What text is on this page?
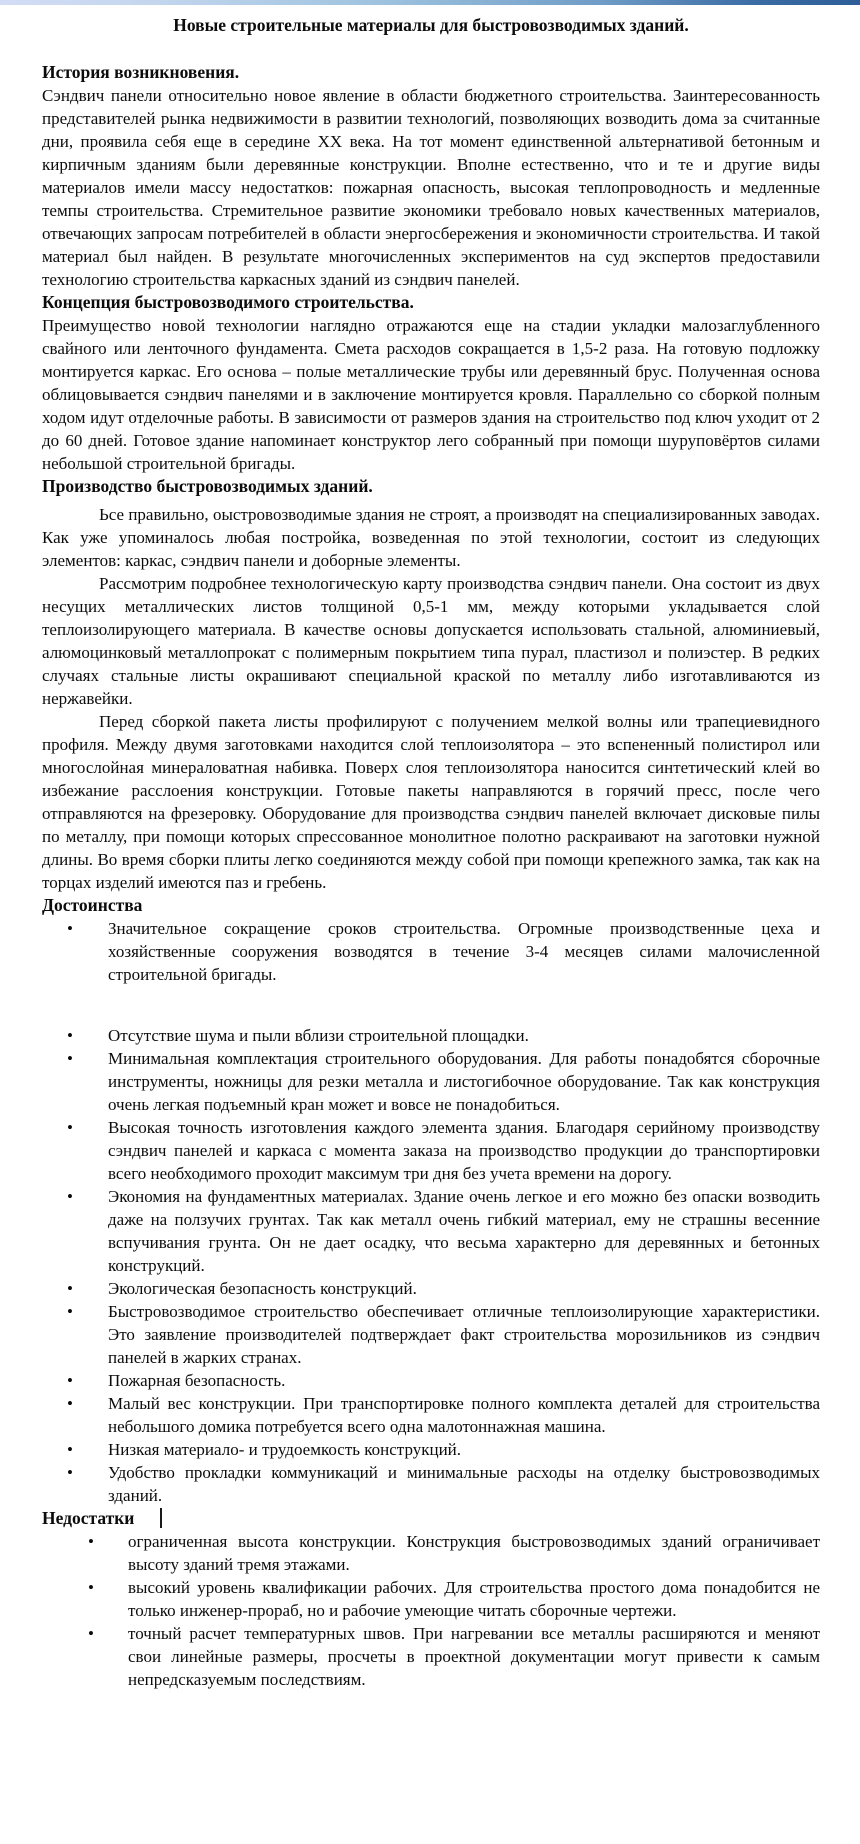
Новые строительные материалы для быстровозводимых зданий.

История возникновения.

Сэндвич панели относительно новое явление в области бюджетного строительства. Заинтересованность представителей рынка недвижимости в развитии технологий, позволяющих возводить дома за считанные дни, проявила себя еще в середине ХХ века. На тот момент единственной альтернативой бетонным и кирпичным зданиям были деревянные конструкции. Вполне естественно, что и те и другие виды материалов имели массу недостатков: пожарная опасность, высокая теплопроводность и медленные темпы строительства. Стремительное развитие экономики требовало новых качественных материалов, отвечающих запросам потребителей в области энергосбережения и экономичности строительства. И такой материал был найден. В результате многочисленных экспериментов на суд экспертов предоставили технологию строительства каркасных зданий из сэндвич панелей.

Концепция быстровозводимого строительства.

Преимущество новой технологии наглядно отражаются еще на стадии укладки малозаглубленного свайного или ленточного фундамента. Смета расходов сокращается в 1,5-2 раза. На готовую подложку монтируется каркас. Его основа – полые металлические трубы или деревянный брус. Полученная основа облицовывается сэндвич панелями и в заключение монтируется кровля. Параллельно со сборкой полным ходом идут отделочные работы. В зависимости от размеров здания на строительство под ключ уходит от 2 до 60 дней. Готовое здание напоминает конструктор лего собранный при помощи шуруповёртов силами небольшой строительной бригады.

Производство быстровозводимых зданий.

Ьсе правильно, оыстровозводимые здания не строят, а производят на специализированных заводах. Как уже упоминалось любая постройка, возведенная по этой технологии, состоит из следующих элементов: каркас, сэндвич панели и доборные элементы.

Рассмотрим подробнее технологическую карту производства сэндвич панели. Она состоит из двух несущих металлических листов толщиной 0,5-1 мм, между которыми укладывается слой теплоизолирующего материала. В качестве основы допускается использовать стальной, алюминиевый, алюмоцинковый металлопрокат с полимерным покрытием типа пурал, пластизол и полиэстер. В редких случаях стальные листы окрашивают специальной краской по металлу либо изготавливаются из нержавейки.

Перед сборкой пакета листы профилируют с получением мелкой волны или трапециевидного профиля. Между двумя заготовками находится слой теплоизолятора – это вспененный полистирол или многослойная минераловатная набивка. Поверх слоя теплоизолятора наносится синтетический клей во избежание расслоения конструкции. Готовые пакеты направляются в горячий пресс, после чего отправляются на фрезеровку. Оборудование для производства сэндвич панелей включает дисковые пилы по металлу, при помощи которых спрессованное монолитное полотно раскраивают на заготовки нужной длины. Во время сборки плиты легко соединяются между собой при помощи крепежного замка, так как на торцах изделий имеются паз и гребень.

Достоинства
• Значительное сокращение сроков строительства. Огромные производственные цеха и хозяйственные сооружения возводятся в течение 3-4 месяцев силами малочисленной строительной бригады.
• Отсутствие шума и пыли вблизи строительной площадки.
• Минимальная комплектация строительного оборудования. Для работы понадобятся сборочные инструменты, ножницы для резки металла и листогибочное оборудование. Так как конструкция очень легкая подъемный кран может и вовсе не понадобиться.
• Высокая точность изготовления каждого элемента здания. Благодаря серийному производству сэндвич панелей и каркаса с момента заказа на производство продукции до транспортировки всего необходимого проходит максимум три дня без учета времени на дорогу.
• Экономия на фундаментных материалах. Здание очень легкое и его можно без опаски возводить даже на ползучих грунтах. Так как металл очень гибкий материал, ему не страшны весенние вспучивания грунта. Он не дает осадку, что весьма характерно для деревянных и бетонных конструкций.
• Экологическая безопасность конструкций.
• Быстровозводимое строительство обеспечивает отличные теплоизолирующие характеристики. Это заявление производителей подтверждает факт строительства морозильников из сэндвич панелей в жарких странах.
• Пожарная безопасность.
• Малый вес конструкции. При транспортировке полного комплекта деталей для строительства небольшого домика потребуется всего одна малотоннажная машина.
• Низкая материало- и трудоемкость конструкций.
• Удобство прокладки коммуникаций и минимальные расходы на отделку быстровозводимых зданий.
Недостатки
• ограниченная высота конструкции. Конструкция быстровозводимых зданий ограничивает высоту зданий тремя этажами.
• высокий уровень квалификации рабочих. Для строительства простого дома понадобится не только инженер-прораб, но и рабочие умеющие читать сборочные чертежи.
• точный расчет температурных швов. При нагревании все металлы расширяются и меняют свои линейные размеры, просчеты в проектной документации могут привести к самым непредсказуемым последствиям.
